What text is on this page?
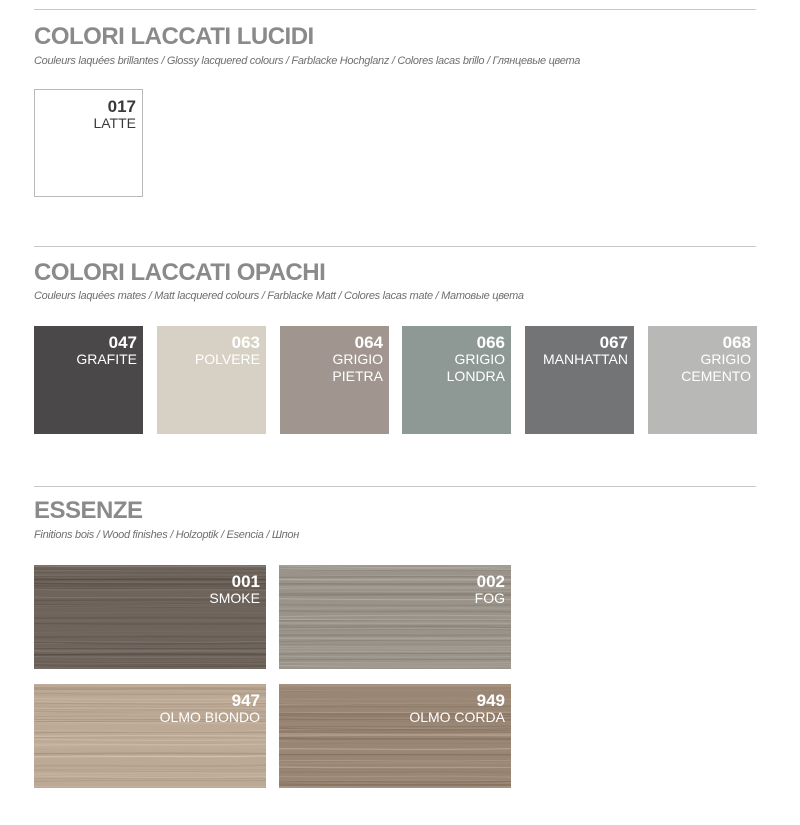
COLORI LACCATI LUCIDI
Couleurs laquées brillantes / Glossy lacquered colours / Farblacke Hochglanz / Colores lacas brillo / Глянцевые цвета
017
LATTE
COLORI LACCATI OPACHI
Couleurs laquées mates / Matt lacquered colours / Farblacke Matt / Colores lacas mate / Матовые цвета
047
GRAFITE
063
POLVERE
064
GRIGIO PIETRA
066
GRIGIO LONDRA
067
MANHATTAN
068
GRIGIO CEMENTO
ESSENZE
Finitions bois / Wood finishes / Holzoptik / Esencia / Шпон
001
SMOKE
002
FOG
947
OLMO BIONDO
949
OLMO CORDA
